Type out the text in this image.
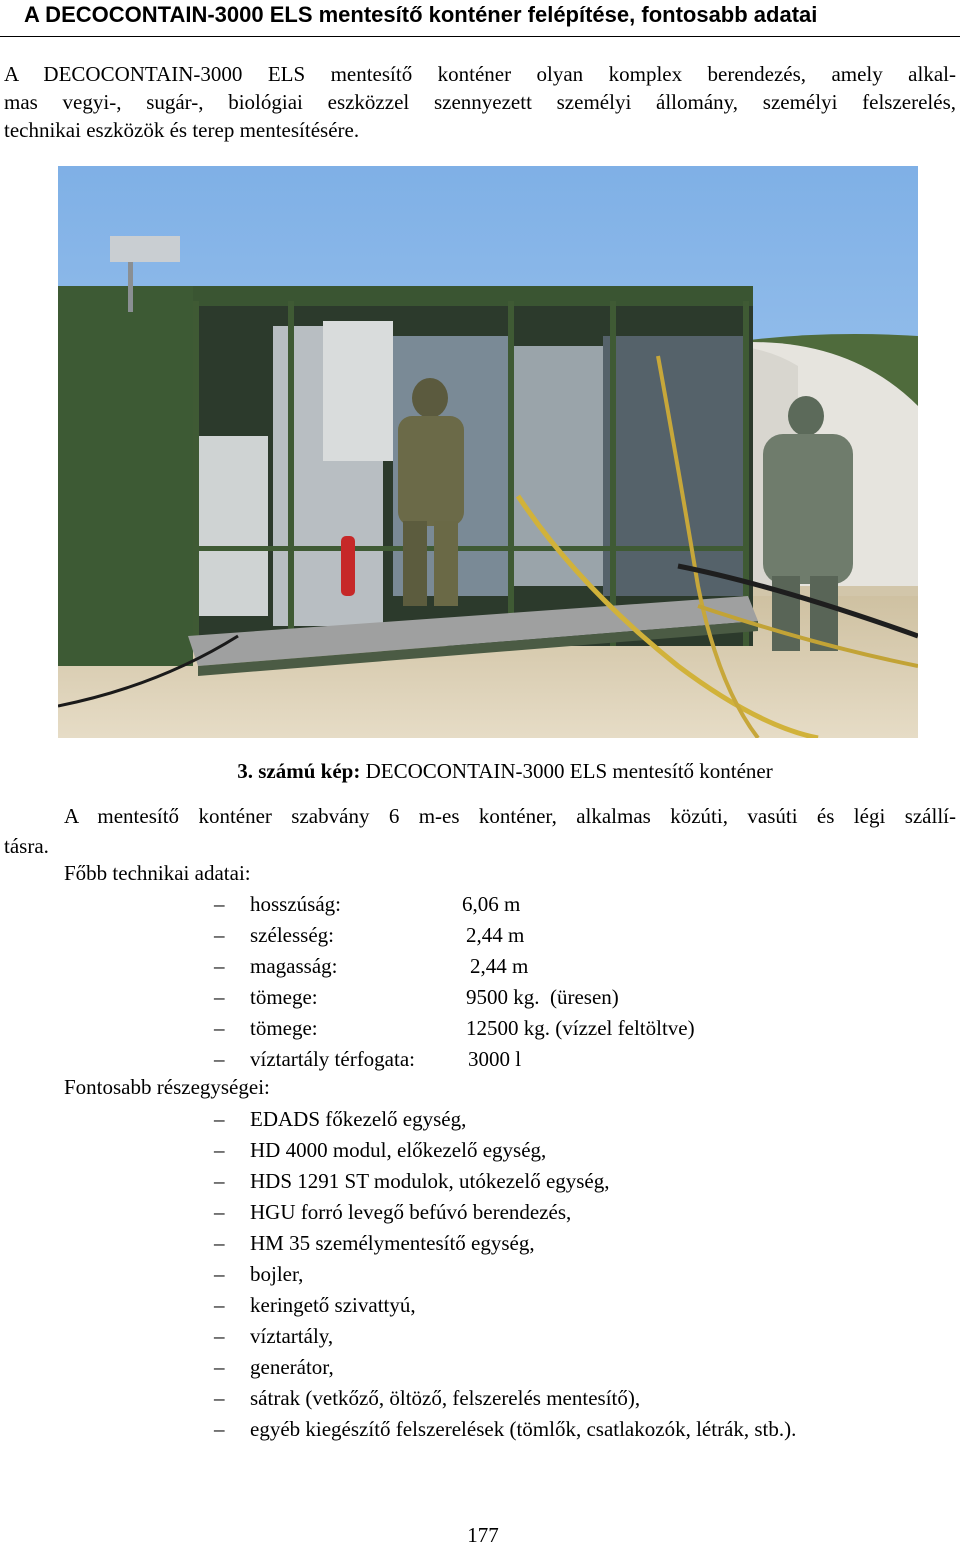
A DECOCONTAIN-3000 ELS mentesítő konténer felépítése, fontosabb adatai
A DECOCONTAIN-3000 ELS mentesítő konténer olyan komplex berendezés, amely alkal-
mas vegyi-, sugár-, biológiai eszközzel szennyezett személyi állomány, személyi felszerelés,
technikai eszközök és terep mentesítésére.
3. számú kép: DECOCONTAIN-3000 ELS mentesítő konténer
A mentesítő konténer szabvány 6 m-es konténer, alkalmas közúti, vasúti és légi szállí-
tásra.
Főbb technikai adatai:
–	hosszúság:	6,06 m
–	szélesség:	2,44 m
–	magasság:	2,44 m
–	tömege:	9500 kg.  (üresen)
–	tömege:	12500 kg. (vízzel feltöltve)
–	víztartály térfogata:	3000 l
Fontosabb részegységei:
–	EDADS főkezelő egység,
–	HD 4000 modul, előkezelő egység,
–	HDS 1291 ST modulok, utókezelő egység,
–	HGU forró levegő befúvó berendezés,
–	HM 35 személymentesítő egység,
–	bojler,
–	keringető szivattyú,
–	víztartály,
–	generátor,
–	sátrak (vetkőző, öltöző, felszerelés mentesítő),
–	egyéb kiegészítő felszerelések (tömlők, csatlakozók, létrák, stb.).
177
